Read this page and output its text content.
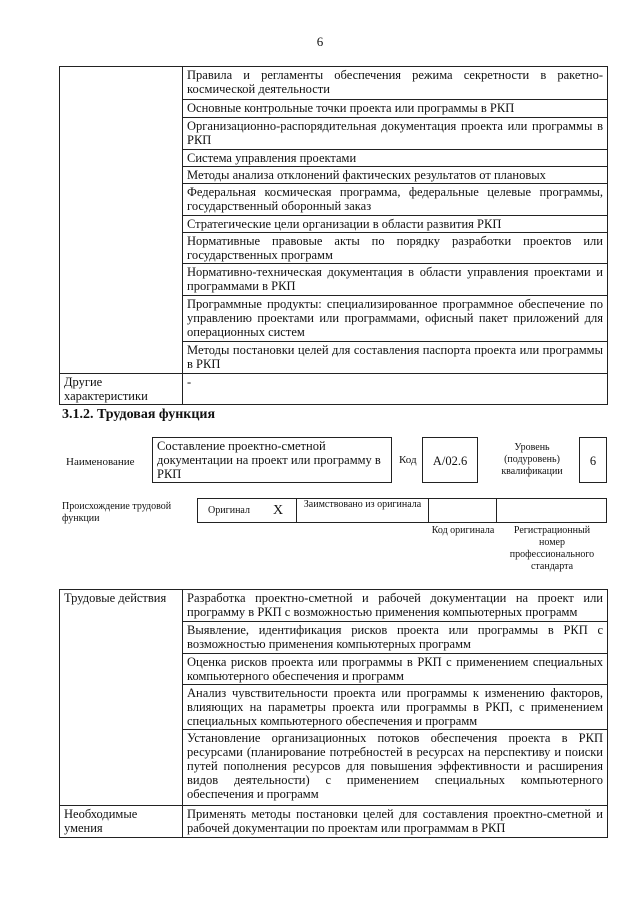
6
	Правила и регламенты обеспечения режима секретности в ракетно-космической деятельности
	Основные контрольные точки проекта или программы в РКП
	Организационно-распорядительная документация проекта или программы в РКП
	Система управления проектами
	Методы анализа отклонений фактических результатов от плановых
	Федеральная космическая программа, федеральные целевые программы, государственный оборонный заказ
	Стратегические цели организации в области развития РКП
	Нормативные правовые акты по порядку разработки проектов или государственных программ
	Нормативно-техническая документация в области управления проектами и программами в РКП
	Программные продукты: специализированное программное обеспечение по управлению проектами или программами, офисный пакет приложений для операционных систем
	Методы постановки целей для составления паспорта проекта или программы в РКП
Другие характеристики	-
3.1.2. Трудовая функция
Наименование
Составление проектно-сметной документации на проект или программу в РКП
Код	А/02.6
Уровень (подуровень) квалификации
6
Происхождение трудовой функции
Оригинал	X	Заимствовано из оригинала
Код оригинала	Регистрационный номер профессионального стандарта
Трудовые действия	Разработка проектно-сметной и рабочей документации на проект или программу в РКП с возможностью применения компьютерных программ
	Выявление, идентификация рисков проекта или программы в РКП с возможностью применения компьютерных программ
	Оценка рисков проекта или программы в РКП с применением специальных компьютерного обеспечения и программ
	Анализ чувствительности проекта или программы к изменению факторов, влияющих на параметры проекта или программы в РКП, с применением специальных компьютерного обеспечения и программ
	Установление организационных потоков обеспечения проекта в РКП ресурсами (планирование потребностей в ресурсах на перспективу и поиски путей пополнения ресурсов для повышения эффективности и расширения видов деятельности) с применением специальных компьютерного обеспечения и программ
Необходимые умения	Применять методы постановки целей для составления проектно-сметной и рабочей документации по проектам или программам в РКП
